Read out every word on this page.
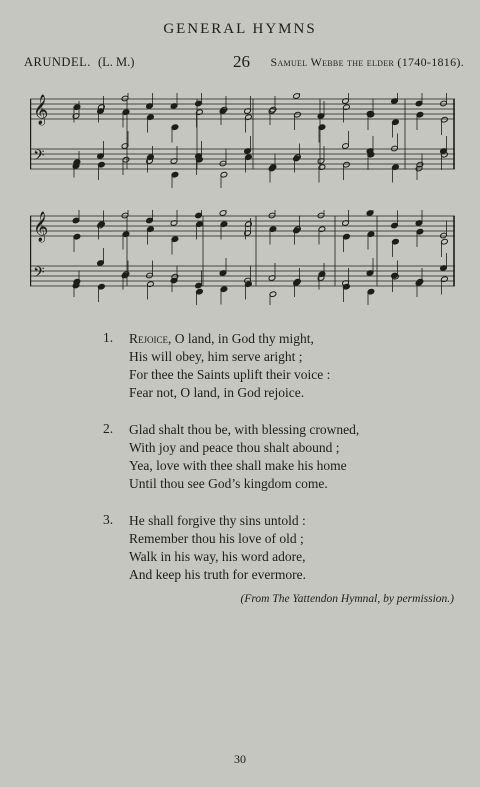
GENERAL HYMNS
ARUNDEL. (L. M.)	26 Samuel Webbe the elder (1740-1816).
𝄞
𝄢
𝄞
𝄢
1. Rejoice, O land, in God thy might,
His will obey, him serve aright ;
For thee the Saints uplift their voice :
Fear not, O land, in God rejoice.
2. Glad shalt thou be, with blessing crowned,
With joy and peace thou shalt abound ;
Yea, love with thee shall make his home
Until thou see God’s kingdom come.
3. He shall forgive thy sins untold :
Remember thou his love of old ;
Walk in his way, his word adore,
And keep his truth for evermore.
(From The Yattendon Hymnal, by permission.)
30
